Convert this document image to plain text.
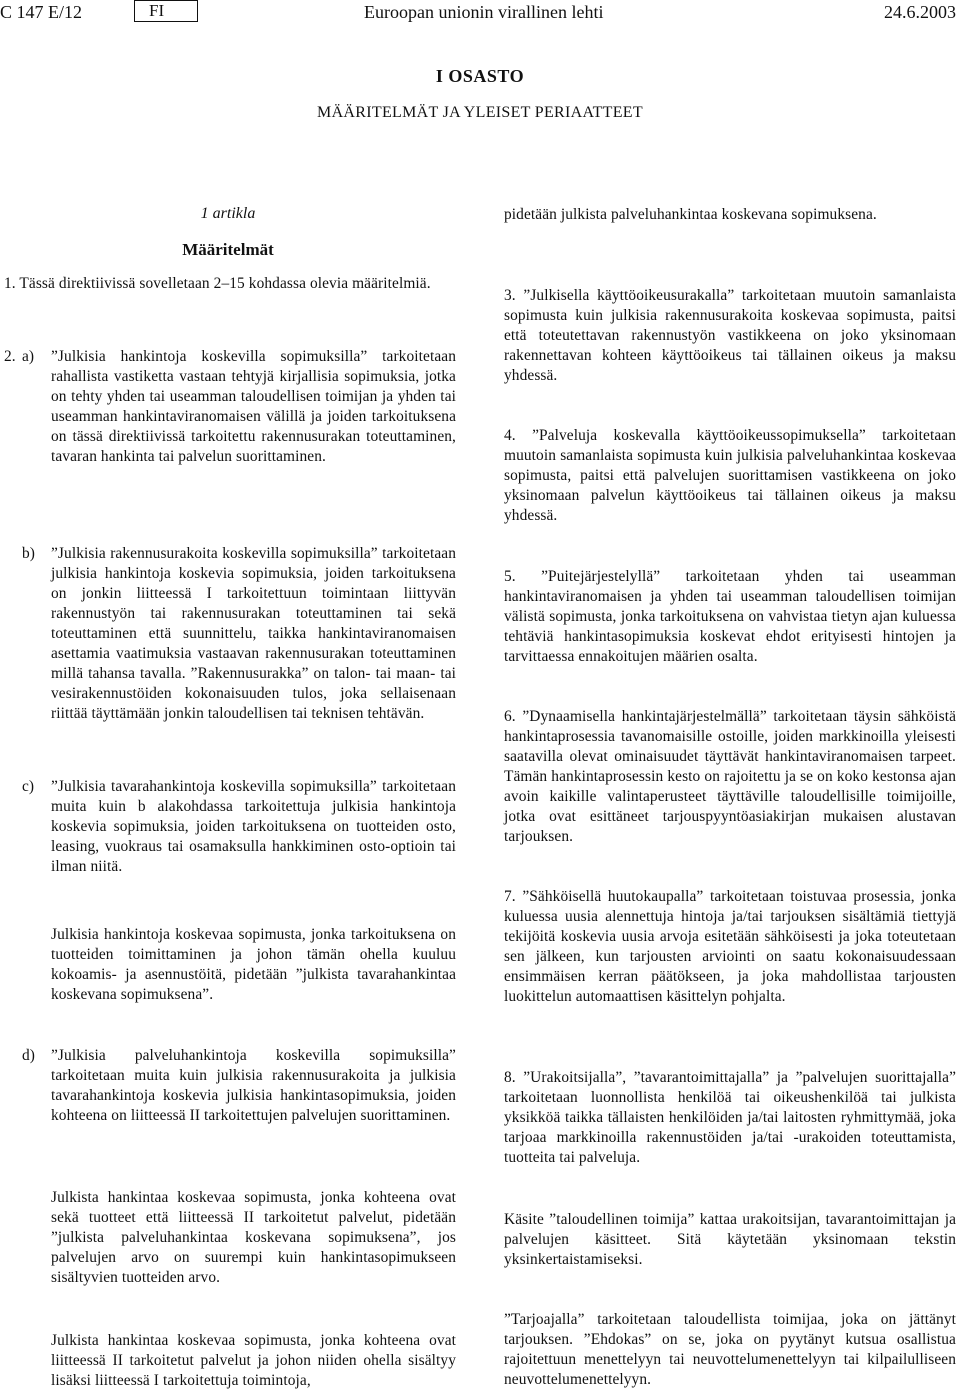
C 147 E/12	FI	Euroopan unionin virallinen lehti	24.6.2003
I OSASTO
MÄÄRITELMÄT JA YLEISET PERIAATTEET
1 artikla
Määritelmät

1. Tässä direktiivissä sovelletaan 2–15 kohdassa olevia määritelmiä.

2. a)	”Julkisia hankintoja koskevilla sopimuksilla” tarkoitetaan rahallista vastiketta vastaan tehtyjä kirjallisia sopimuksia, jotka on tehty yhden tai useamman taloudellisen toimijan ja yhden tai useamman hankintaviranomaisen välillä ja joiden tarkoituksena on tässä direktiivissä tarkoitettu rakennusurakan toteuttaminen, tavaran hankinta tai palvelun suorittaminen.
b)	”Julkisia rakennusurakoita koskevilla sopimuksilla” tarkoitetaan julkisia hankintoja koskevia sopimuksia, joiden tarkoituksena on jonkin liitteessä I tarkoitettuun toimintaan liittyvän rakennustyön tai rakennusurakan toteuttaminen tai sekä toteuttaminen että suunnittelu, taikka hankintaviranomaisen asettamia vaatimuksia vastaavan rakennusurakan toteuttaminen millä tahansa tavalla. ”Rakennusurakka” on talon- tai maan- tai vesirakennustöiden kokonaisuuden tulos, joka sellaisenaan riittää täyttämään jonkin taloudellisen tai teknisen tehtävän.
c)	”Julkisia tavarahankintoja koskevilla sopimuksilla” tarkoitetaan muita kuin b alakohdassa tarkoitettuja julkisia hankintoja koskevia sopimuksia, joiden tarkoituksena on tuotteiden osto, leasing, vuokraus tai osamaksulla hankkiminen osto-optioin tai ilman niitä.

Julkisia hankintoja koskevaa sopimusta, jonka tarkoituksena on tuotteiden toimittaminen ja johon tämän ohella kuuluu kokoamis- ja asennustöitä, pidetään ”julkista tavarahankintaa koskevana sopimuksena”.

d)	”Julkisia palveluhankintoja koskevilla sopimuksilla” tarkoitetaan muita kuin julkisia rakennusurakoita ja julkisia tavarahankintoja koskevia julkisia hankintasopimuksia, joiden kohteena on liitteessä II tarkoitettujen palvelujen suorittaminen.

Julkista hankintaa koskevaa sopimusta, jonka kohteena ovat sekä tuotteet että liitteessä II tarkoitetut palvelut, pidetään ”julkista palveluhankintaa koskevana sopimuksena”, jos palvelujen arvo on suurempi kuin hankintasopimukseen sisältyvien tuotteiden arvo.

Julkista hankintaa koskevaa sopimusta, jonka kohteena ovat liitteessä II tarkoitetut palvelut ja johon niiden ohella sisältyy lisäksi liitteessä I tarkoitettuja toimintoja,

pidetään julkista palveluhankintaa koskevana sopimuksena.

3. ”Julkisella käyttöoikeusurakalla” tarkoitetaan muutoin samanlaista sopimusta kuin julkisia rakennusurakoita koskevaa sopimusta, paitsi että toteutettavan rakennustyön vastikkeena on joko yksinomaan rakennettavan kohteen käyttöoikeus tai tällainen oikeus ja maksu yhdessä.

4. ”Palveluja koskevalla käyttöoikeussopimuksella” tarkoitetaan muutoin samanlaista sopimusta kuin julkisia palveluhankintaa koskevaa sopimusta, paitsi että palvelujen suorittamisen vastikkeena on joko yksinomaan palvelun käyttöoikeus tai tällainen oikeus ja maksu yhdessä.

5. ”Puitejärjestelyllä” tarkoitetaan yhden tai useamman hankintaviranomaisen ja yhden tai useamman taloudellisen toimijan välistä sopimusta, jonka tarkoituksena on vahvistaa tietyn ajan kuluessa tehtäviä hankintasopimuksia koskevat ehdot erityisesti hintojen ja tarvittaessa ennakoitujen määrien osalta.

6. ”Dynaamisella hankintajärjestelmällä” tarkoitetaan täysin sähköistä hankintaprosessia tavanomaisille ostoille, joiden markkinoilla yleisesti saatavilla olevat ominaisuudet täyttävät hankintaviranomaisen tarpeet. Tämän hankintaprosessin kesto on rajoitettu ja se on koko kestonsa ajan avoin kaikille valintaperusteet täyttäville taloudellisille toimijoille, jotka ovat esittäneet tarjouspyyntöasiakirjan mukaisen alustavan tarjouksen.

7. ”Sähköisellä huutokaupalla” tarkoitetaan toistuvaa prosessia, jonka kuluessa uusia alennettuja hintoja ja/tai tarjouksen sisältämiä tiettyjä tekijöitä koskevia uusia arvoja esitetään sähköisesti ja joka toteutetaan sen jälkeen, kun tarjousten arviointi on saatu kokonaisuudessaan ensimmäisen kerran päätökseen, ja joka mahdollistaa tarjousten luokittelun automaattisen käsittelyn pohjalta.

8. ”Urakoitsijalla”, ”tavarantoimittajalla” ja ”palvelujen suorittajalla” tarkoitetaan luonnollista henkilöä tai oikeushenkilöä tai julkista yksikköä taikka tällaisten henkilöiden ja/tai laitosten ryhmittymää, joka tarjoaa markkinoilla rakennustöiden ja/tai -urakoiden toteuttamista, tuotteita tai palveluja.

Käsite ”taloudellinen toimija” kattaa urakoitsijan, tavarantoimittajan ja palvelujen käsitteet. Sitä käytetään yksinomaan tekstin yksinkertaistamiseksi.

”Tarjoajalla” tarkoitetaan taloudellista toimijaa, joka on jättänyt tarjouksen. ”Ehdokas” on se, joka on pyytänyt kutsua osallistua rajoitettuun menettelyyn tai neuvottelumenettelyyn tai kilpailulliseen neuvottelumenettelyyn.
